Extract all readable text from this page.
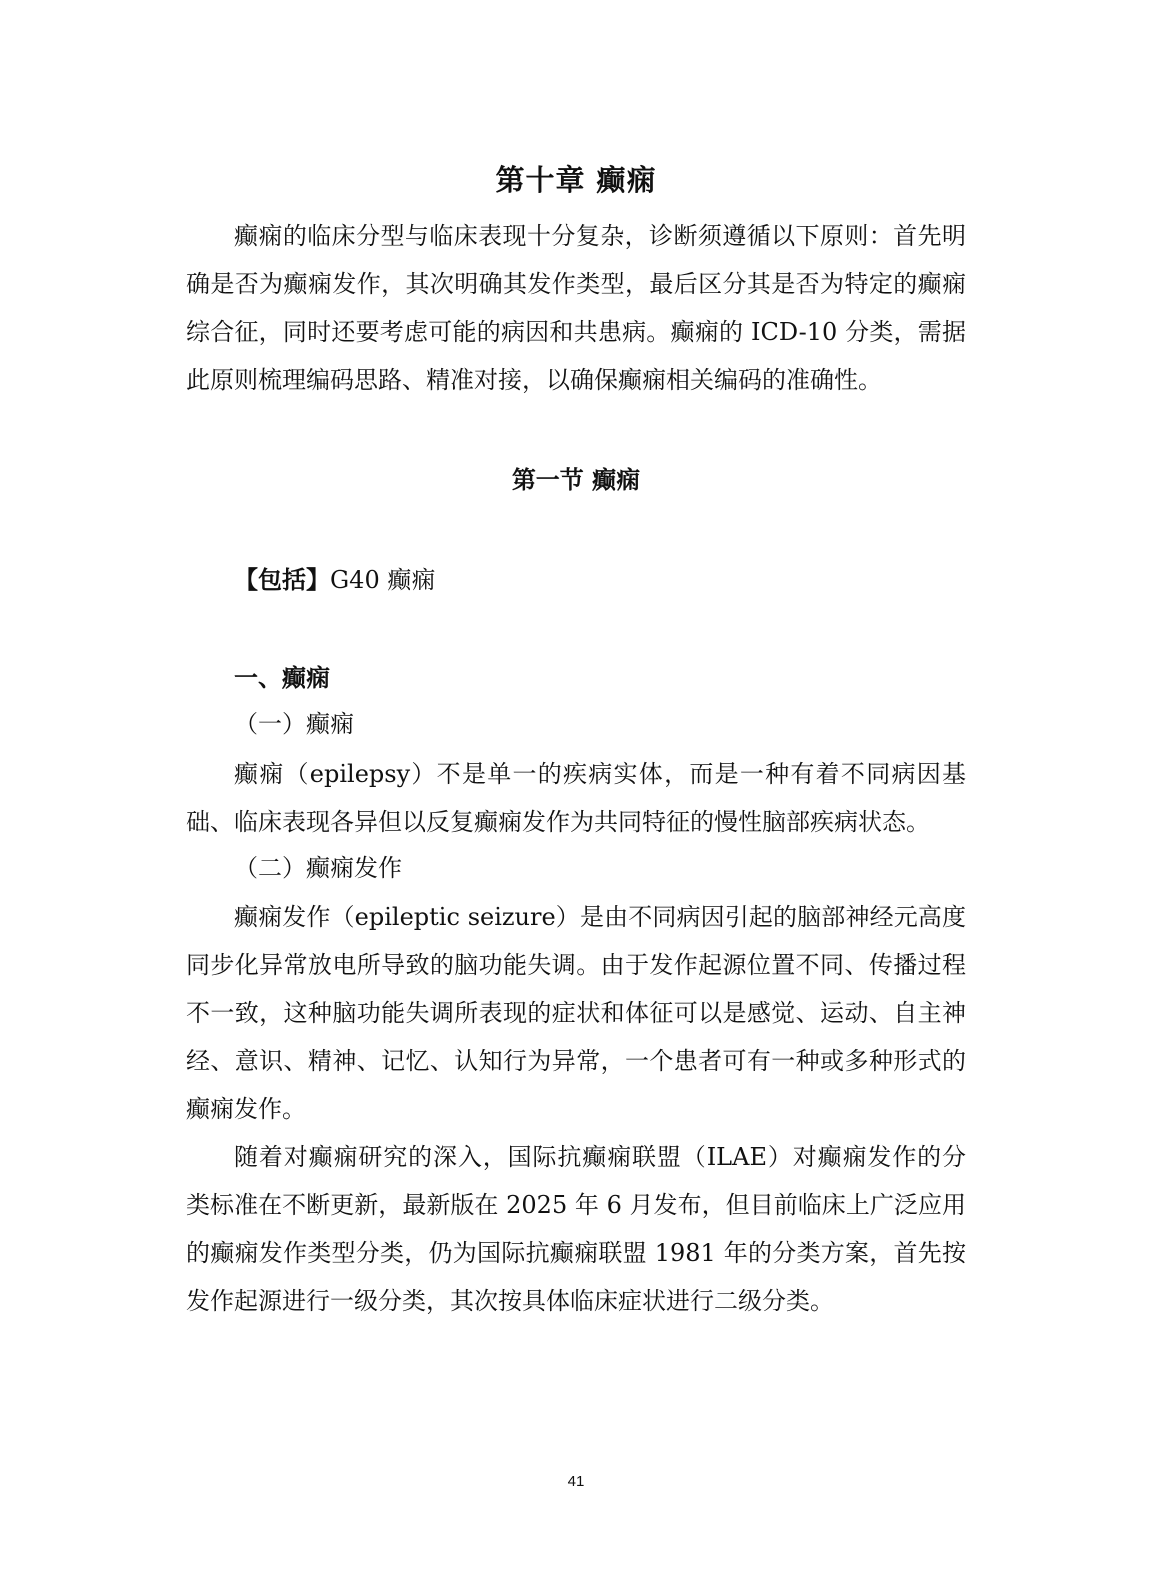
第十章 癫痫

癫痫的临床分型与临床表现十分复杂，诊断须遵循以下原则：首先明确是否为癫痫发作，其次明确其发作类型，最后区分其是否为特定的癫痫综合征，同时还要考虑可能的病因和共患病。癫痫的 ICD-10 分类，需据此原则梳理编码思路、精准对接，以确保癫痫相关编码的准确性。

第一节 癫痫
【包括】G40 癫痫

一、癫痫

（一）癫痫

癫痫（epilepsy）不是单一的疾病实体，而是一种有着不同病因基础、临床表现各异但以反复癫痫发作为共同特征的慢性脑部疾病状态。

（二）癫痫发作

癫痫发作（epileptic seizure）是由不同病因引起的脑部神经元高度同步化异常放电所导致的脑功能失调。由于发作起源位置不同、传播过程不一致，这种脑功能失调所表现的症状和体征可以是感觉、运动、自主神经、意识、精神、记忆、认知行为异常，一个患者可有一种或多种形式的癫痫发作。

随着对癫痫研究的深入，国际抗癫痫联盟（ILAE）对癫痫发作的分类标准在不断更新，最新版在 2025 年 6 月发布，但目前临床上广泛应用的癫痫发作类型分类，仍为国际抗癫痫联盟 1981 年的分类方案，首先按发作起源进行一级分类，其次按具体临床症状进行二级分类。

41
